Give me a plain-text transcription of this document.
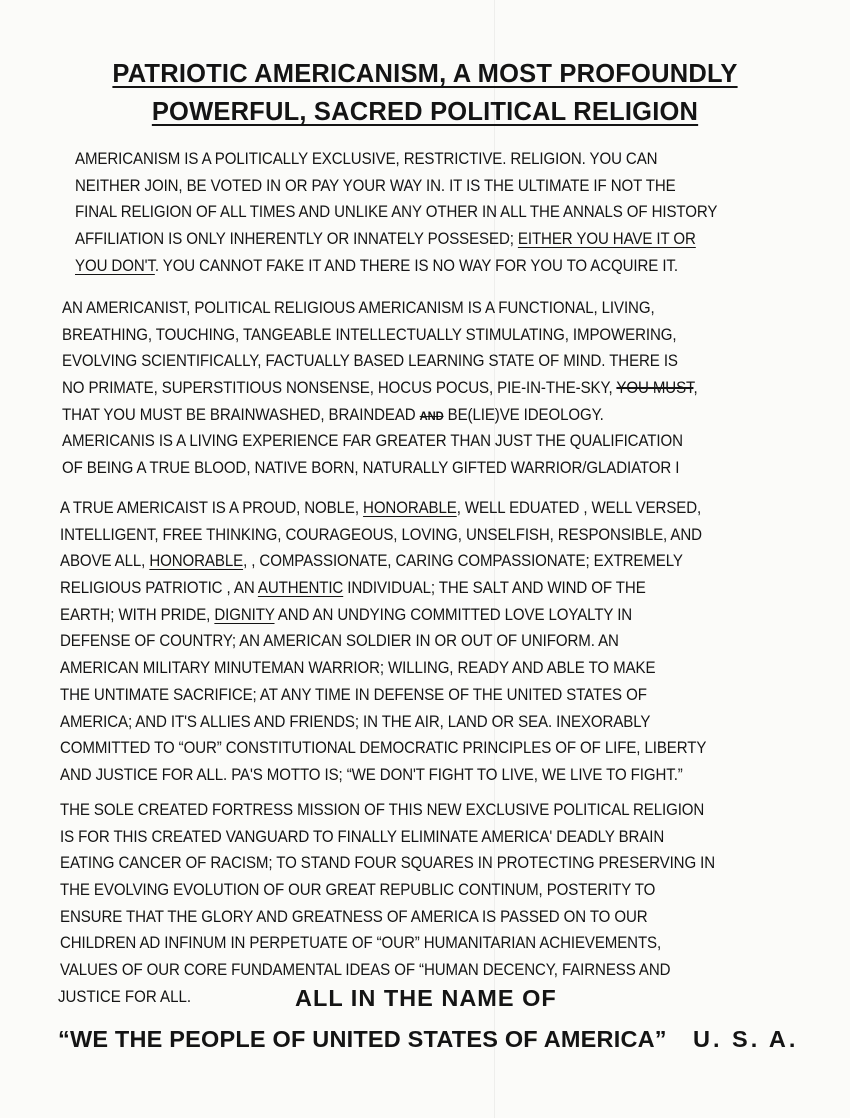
PATRIOTIC AMERICANISM, A MOST PROFOUNDLY
POWERFUL, SACRED POLITICAL RELIGION
AMERICANISM IS A POLITICALLY EXCLUSIVE, RESTRICTIVE. RELIGION. YOU CAN
NEITHER JOIN, BE VOTED IN OR PAY YOUR WAY IN. IT IS THE ULTIMATE IF NOT THE
FINAL RELIGION OF ALL TIMES AND UNLIKE ANY OTHER IN ALL THE ANNALS OF HISTORY
AFFILIATION IS ONLY INHERENTLY OR INNATELY POSSESED; EITHER YOU HAVE IT OR
YOU DON'T. YOU CANNOT FAKE IT AND THERE IS NO WAY FOR YOU TO ACQUIRE IT.
AN AMERICANIST, POLITICAL RELIGIOUS AMERICANISM IS A FUNCTIONAL, LIVING,
BREATHING, TOUCHING, TANGEABLE INTELLECTUALLY STIMULATING, IMPOWERING,
EVOLVING SCIENTIFICALLY, FACTUALLY BASED LEARNING STATE OF MIND. THERE IS
NO PRIMATE, SUPERSTITIOUS NONSENSE, HOCUS POCUS, PIE-IN-THE-SKY, YOU MUST,
THAT YOU MUST BE BRAINWASHED, BRAINDEAD AND BE(LIE)VE IDEOLOGY.
AMERICANIS IS A LIVING EXPERIENCE FAR GREATER THAN JUST THE QUALIFICATION
OF BEING A TRUE BLOOD, NATIVE BORN, NATURALLY GIFTED WARRIOR/GLADIATOR I
A TRUE AMERICAIST IS A PROUD, NOBLE, HONORABLE, WELL EDUATED , WELL VERSED,
INTELLIGENT, FREE THINKING, COURAGEOUS, LOVING, UNSELFISH, RESPONSIBLE, AND
ABOVE ALL, HONORABLE, , COMPASSIONATE, CARING COMPASSIONATE; EXTREMELY
RELIGIOUS PATRIOTIC , AN AUTHENTIC INDIVIDUAL; THE SALT AND WIND OF THE
EARTH; WITH PRIDE, DIGNITY AND AN UNDYING COMMITTED LOVE LOYALTY IN
DEFENSE OF COUNTRY; AN AMERICAN SOLDIER IN OR OUT OF UNIFORM. AN
AMERICAN MILITARY MINUTEMAN WARRIOR; WILLING, READY AND ABLE TO MAKE
THE UNTIMATE SACRIFICE; AT ANY TIME IN DEFENSE OF THE UNITED STATES OF
AMERICA; AND IT'S ALLIES AND FRIENDS; IN THE AIR, LAND OR SEA. INEXORABLY
COMMITTED TO “OUR” CONSTITUTIONAL DEMOCRATIC PRINCIPLES OF OF LIFE, LIBERTY
AND JUSTICE FOR ALL. PA'S MOTTO IS; “WE DON'T FIGHT TO LIVE, WE LIVE TO FIGHT.”
THE SOLE CREATED FORTRESS MISSION OF THIS NEW EXCLUSIVE POLITICAL RELIGION
IS FOR THIS CREATED VANGUARD TO FINALLY ELIMINATE AMERICA' DEADLY BRAIN
EATING CANCER OF RACISM; TO STAND FOUR SQUARES IN PROTECTING PRESERVING IN
THE EVOLVING EVOLUTION OF OUR GREAT REPUBLIC CONTINUM, POSTERITY TO
ENSURE THAT THE GLORY AND GREATNESS OF AMERICA IS PASSED ON TO OUR
CHILDREN AD INFINUM IN PERPETUATE OF “OUR” HUMANITARIAN ACHIEVEMENTS,
VALUES OF OUR CORE FUNDAMENTAL IDEAS OF “HUMAN DECENCY, FAIRNESS AND
JUSTICE FOR ALL.	ALL IN THE NAME OF
“WE THE PEOPLE OF UNITED STATES OF AMERICA” U. S. A.
